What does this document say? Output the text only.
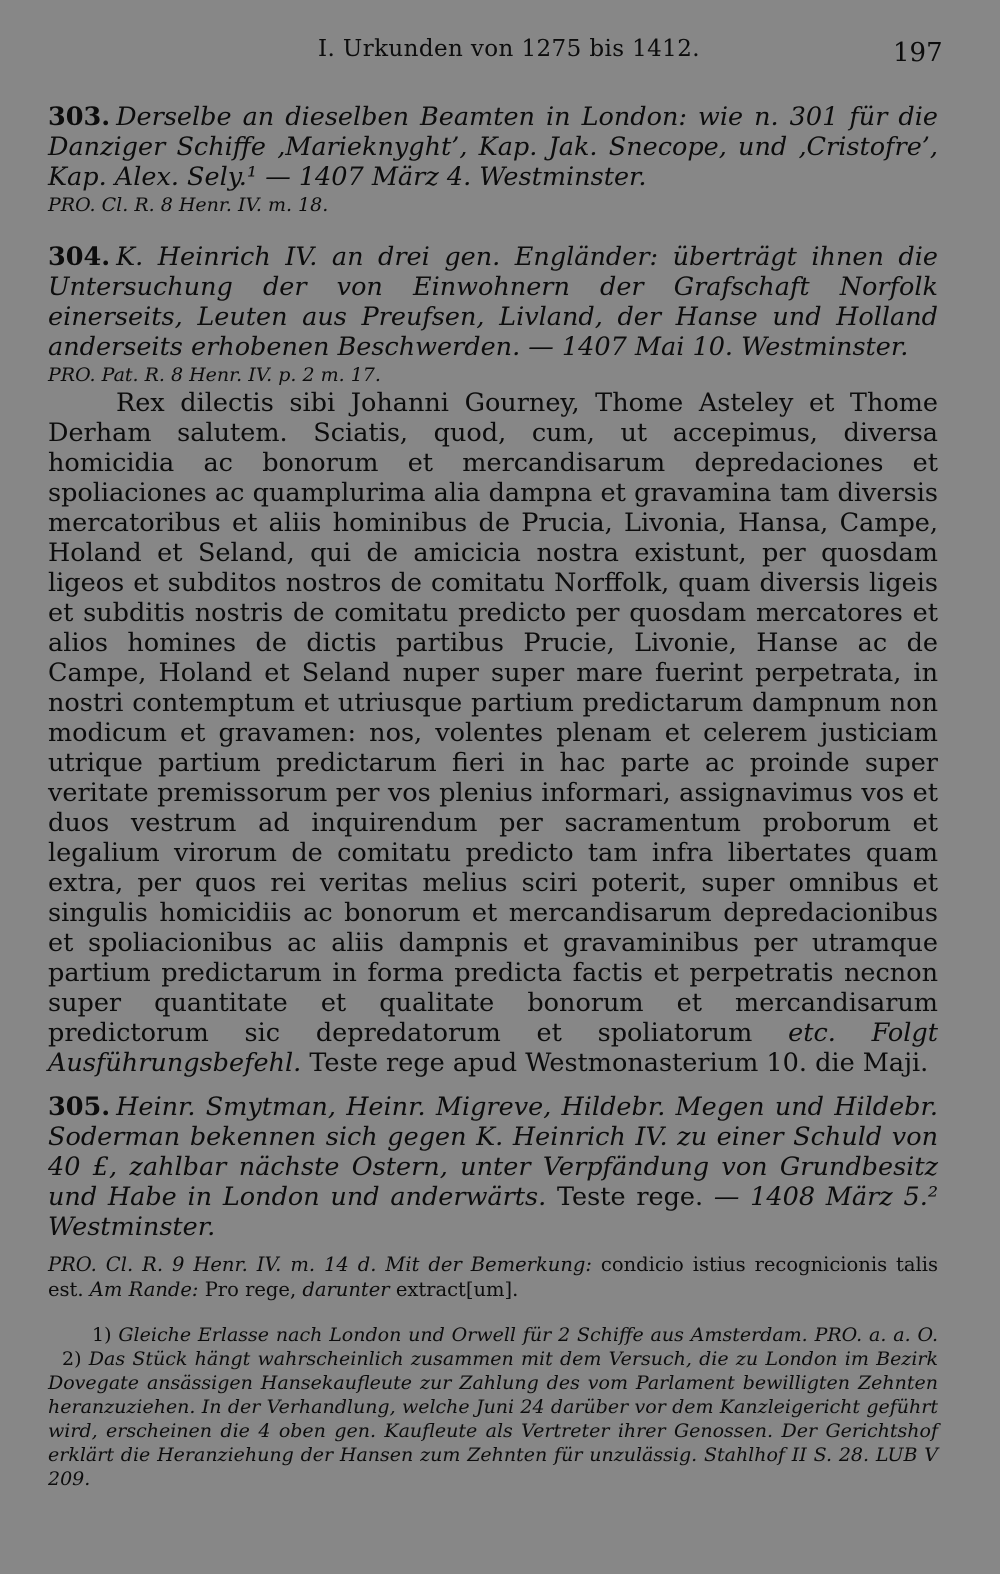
I. Urkunden von 1275 bis 1412.	197

303. Derselbe an dieselben Beamten in London: wie n. 301 für die Danziger Schiffe ‚Marieknyght’, Kap. Jak. Snecope, und ‚Cristofre’, Kap. Alex. Sely.¹ — 1407 März 4. Westminster.

PRO. Cl. R. 8 Henr. IV. m. 18.

304. K. Heinrich IV. an drei gen. Engländer: überträgt ihnen die Untersuchung der von Einwohnern der Grafschaft Norfolk einerseits, Leuten aus Preufsen, Livland, der Hanse und Holland anderseits erhobenen Beschwerden. — 1407 Mai 10. Westminster.

PRO. Pat. R. 8 Henr. IV. p. 2 m. 17.

Rex dilectis sibi Johanni Gourney, Thome Asteley et Thome Derham salutem. Sciatis, quod, cum, ut accepimus, diversa homicidia ac bonorum et mercandisarum depredaciones et spoliaciones ac quamplurima alia dampna et gravamina tam diversis mercatoribus et aliis hominibus de Prucia, Livonia, Hansa, Campe, Holand et Seland, qui de amicicia nostra existunt, per quosdam ligeos et subditos nostros de comitatu Norffolk, quam diversis ligeis et subditis nostris de comitatu predicto per quosdam mercatores et alios homines de dictis partibus Prucie, Livonie, Hanse ac de Campe, Holand et Seland nuper super mare fuerint perpetrata, in nostri contemptum et utriusque partium predictarum dampnum non modicum et gravamen: nos, volentes plenam et celerem justiciam utrique partium predictarum fieri in hac parte ac proinde super veritate premissorum per vos plenius informari, assignavimus vos et duos vestrum ad inquirendum per sacramentum proborum et legalium virorum de comitatu predicto tam infra libertates quam extra, per quos rei veritas melius sciri poterit, super omnibus et singulis homicidiis ac bonorum et mercandisarum depredacionibus et spoliacionibus ac aliis dampnis et gravaminibus per utramque partium predictarum in forma predicta factis et perpetratis necnon super quantitate et qualitate bonorum et mercandisarum predictorum sic depredatorum et spoliatorum etc. Folgt Ausführungsbefehl. Teste rege apud Westmonasterium 10. die Maji.

305. Heinr. Smytman, Heinr. Migreve, Hildebr. Megen und Hildebr. Soderman bekennen sich gegen K. Heinrich IV. zu einer Schuld von 40 £, zahlbar nächste Ostern, unter Verpfändung von Grundbesitz und Habe in London und anderwärts. Teste rege. — 1408 März 5.² Westminster.

PRO. Cl. R. 9 Henr. IV. m. 14 d. Mit der Bemerkung: condicio istius recognicionis talis est. Am Rande: Pro rege, darunter extract[um].

1) Gleiche Erlasse nach London und Orwell für 2 Schiffe aus Amsterdam. PRO. a. a. O. 2) Das Stück hängt wahrscheinlich zusammen mit dem Versuch, die zu London im Bezirk Dovegate ansässigen Hansekaufleute zur Zahlung des vom Parlament bewilligten Zehnten heranzuziehen. In der Verhandlung, welche Juni 24 darüber vor dem Kanzleigericht geführt wird, erscheinen die 4 oben gen. Kaufleute als Vertreter ihrer Genossen. Der Gerichtshof erklärt die Heranziehung der Hansen zum Zehnten für unzulässig. Stahlhof II S. 28. LUB V 209.
